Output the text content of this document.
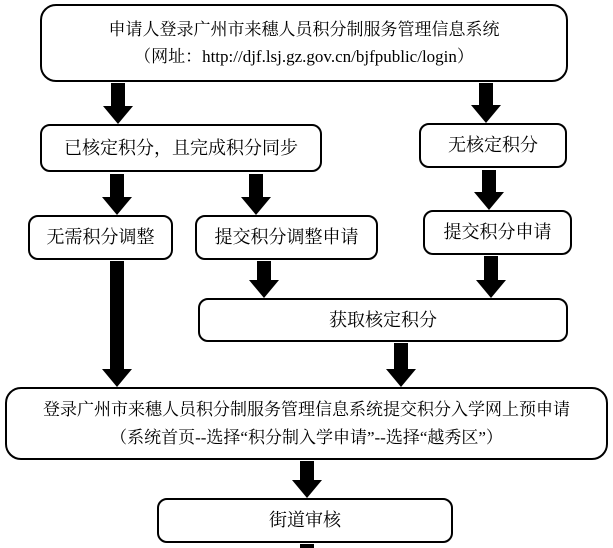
申请人登录广州市来穗人员积分制服务管理信息系统
（网址：http://djf.lsj.gz.gov.cn/bjfpublic/login）
已核定积分，且完成积分同步	无核定积分
无需积分调整	提交积分调整申请	提交积分申请
获取核定积分
登录广州市来穗人员积分制服务管理信息系统提交积分入学网上预申请
（系统首页--选择“积分制入学申请”--选择“越秀区”）
街道审核
